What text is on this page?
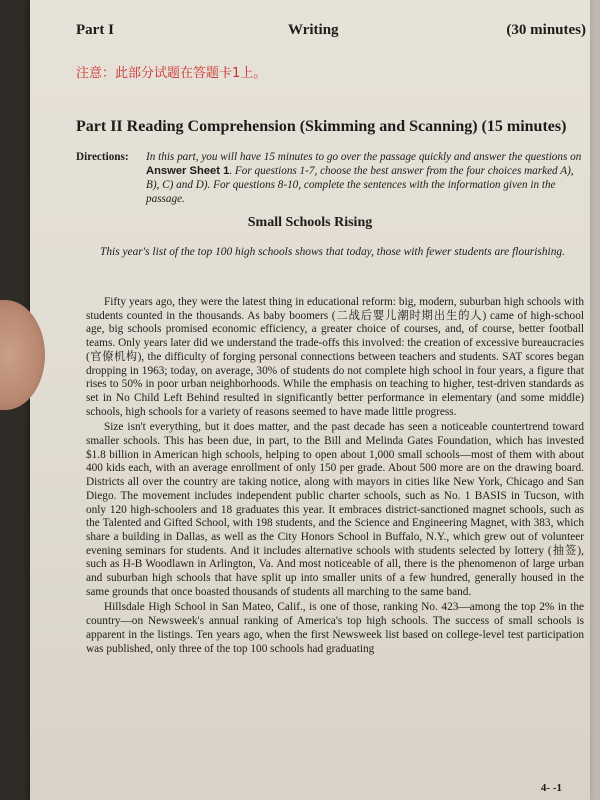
Part I	Writing	(30 minutes)
注意：此部分试题在答题卡1上。
Part II Reading Comprehension (Skimming and Scanning) (15 minutes)
Directions: In this part, you will have 15 minutes to go over the passage quickly and answer the questions on Answer Sheet 1. For questions 1-7, choose the best answer from the four choices marked A), B), C) and D). For questions 8-10, complete the sentences with the information given in the passage.
Small Schools Rising
This year's list of the top 100 high schools shows that today, those with fewer students are flourishing.

Fifty years ago, they were the latest thing in educational reform: big, modern, suburban high schools with students counted in the thousands. As baby boomers (二战后婴儿潮时期出生的人) came of high-school age, big schools promised economic efficiency, a greater choice of courses, and, of course, better football teams. Only years later did we understand the trade-offs this involved: the creation of excessive bureaucracies (官僚机构), the difficulty of forging personal connections between teachers and students. SAT scores began dropping in 1963; today, on average, 30% of students do not complete high school in four years, a figure that rises to 50% in poor urban neighborhoods. While the emphasis on teaching to higher, test-driven standards as set in No Child Left Behind resulted in significantly better performance in elementary (and some middle) schools, high schools for a variety of reasons seemed to have made little progress.

Size isn't everything, but it does matter, and the past decade has seen a noticeable countertrend toward smaller schools. This has been due, in part, to the Bill and Melinda Gates Foundation, which has invested $1.8 billion in American high schools, helping to open about 1,000 small schools—most of them with about 400 kids each, with an average enrollment of only 150 per grade. About 500 more are on the drawing board. Districts all over the country are taking notice, along with mayors in cities like New York, Chicago and San Diego. The movement includes independent public charter schools, such as No. 1 BASIS in Tucson, with only 120 high-schoolers and 18 graduates this year. It embraces district-sanctioned magnet schools, such as the Talented and Gifted School, with 198 students, and the Science and Engineering Magnet, with 383, which share a building in Dallas, as well as the City Honors School in Buffalo, N.Y., which grew out of volunteer evening seminars for students. And it includes alternative schools with students selected by lottery (抽签), such as H-B Woodlawn in Arlington, Va. And most noticeable of all, there is the phenomenon of large urban and suburban high schools that have split up into smaller units of a few hundred, generally housed in the same grounds that once boasted thousands of students all marching to the same band.

Hillsdale High School in San Mateo, Calif., is one of those, ranking No. 423—among the top 2% in the country—on Newsweek's annual ranking of America's top high schools. The success of small schools is apparent in the listings. Ten years ago, when the first Newsweek list based on college-level test participation was published, only three of the top 100 schools had graduating

4- -1
